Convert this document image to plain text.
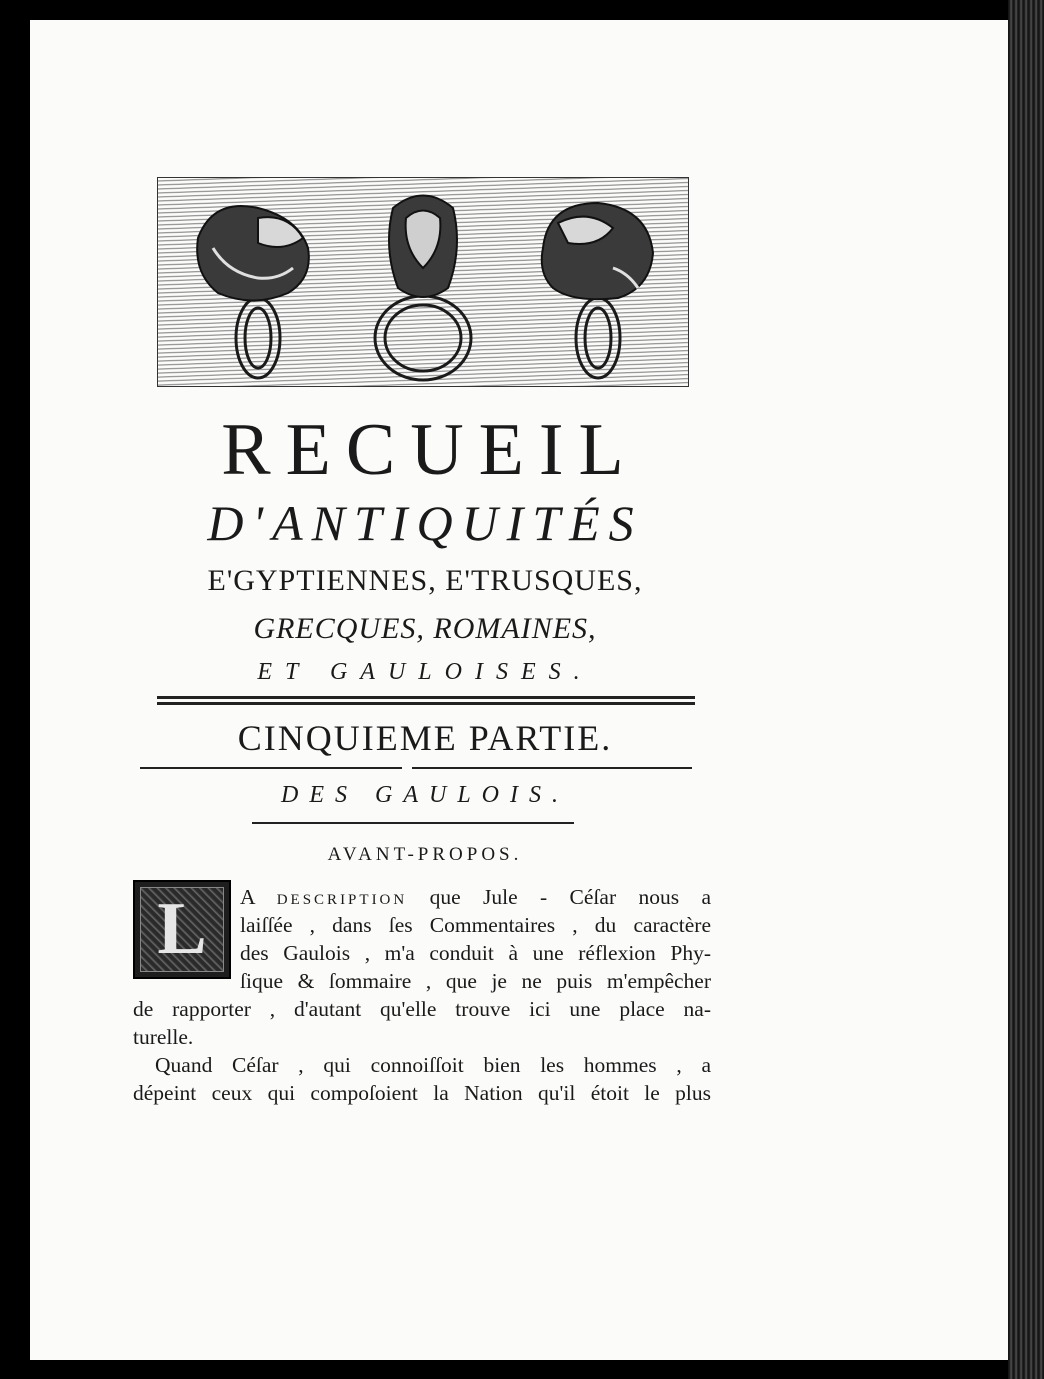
RECUEIL
D'ANTIQUITÉS
E'GYPTIENNES, E'TRUSQUES,
GRECQUES, ROMAINES,
ET GAULOISES.
CINQUIEME PARTIE.
DES GAULOIS.
AVANT-PROPOS.
L	A DESCRIPTION que Jule - Céſar nous a
laiſſée , dans ſes Commentaires , du caractère
des Gaulois , m'a conduit à une réflexion Phy-
ſique & ſommaire , que je ne puis m'empêcher
de rapporter , d'autant qu'elle trouve ici une place na-
turelle.
Quand Céſar , qui connoiſſoit bien les hommes , a
dépeint ceux qui compoſoient la Nation qu'il étoit le plus
